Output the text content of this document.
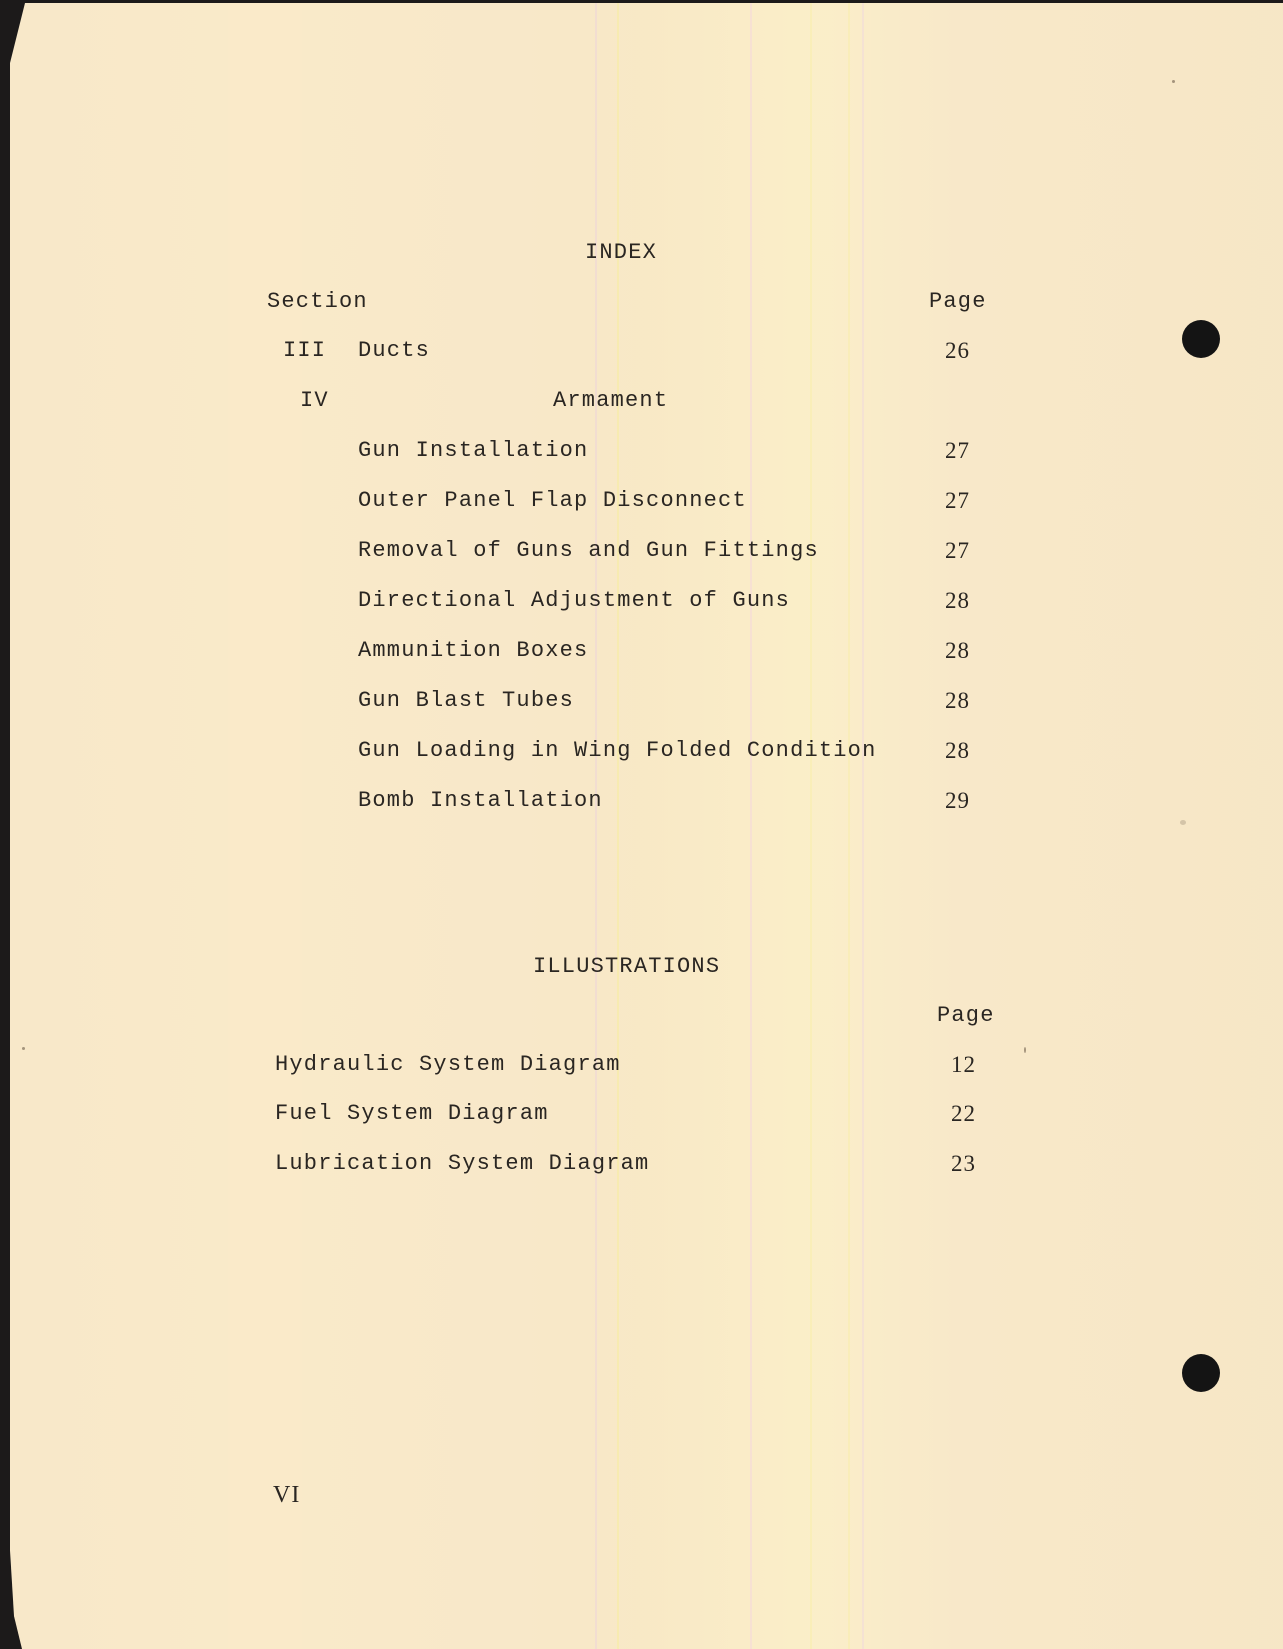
INDEX
Section	Page
III Ducts	26
IV	Armament
Gun Installation	27
Outer Panel Flap Disconnect	27
Removal of Guns and Gun Fittings	27
Directional Adjustment of Guns	28
Ammunition Boxes	28
Gun Blast Tubes	28
Gun Loading in Wing Folded Condition	28
Bomb Installation	29
ILLUSTRATIONS
Page
Hydraulic System Diagram	12
Fuel System Diagram	22
Lubrication System Diagram	23
VI
